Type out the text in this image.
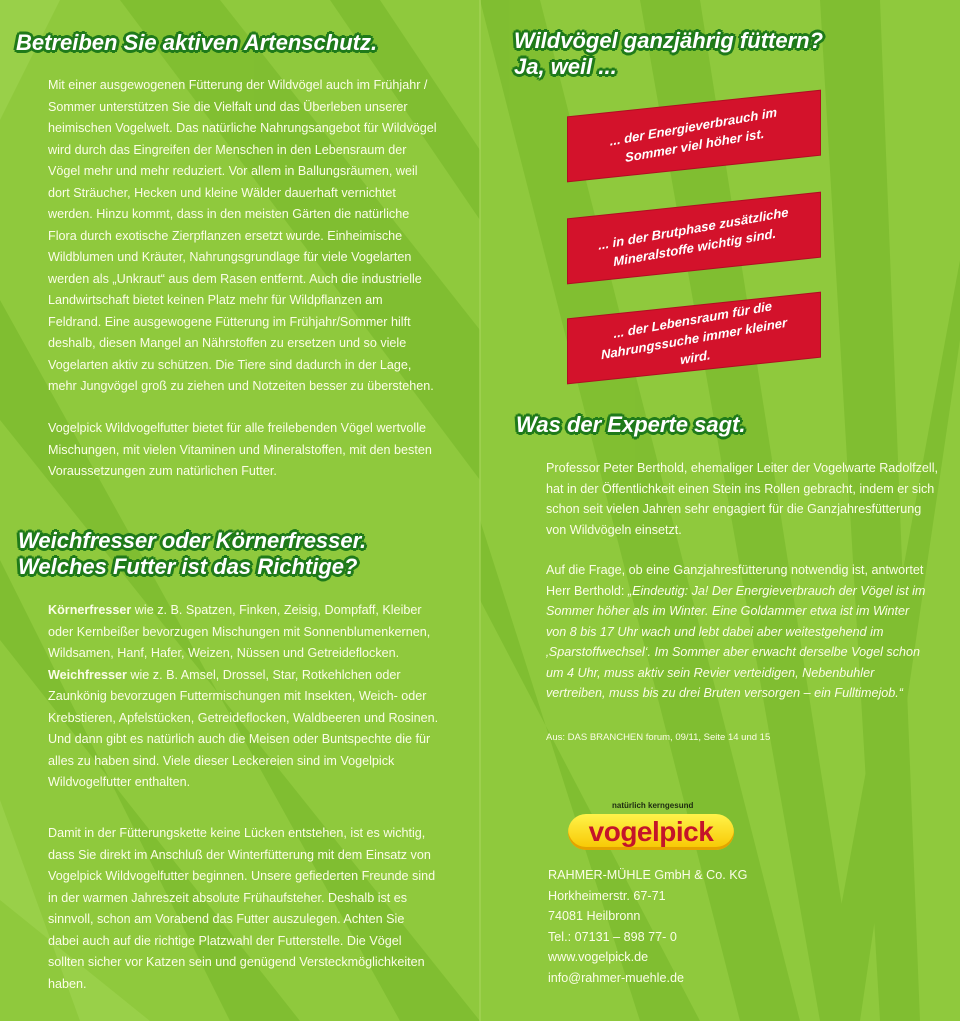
Betreiben Sie aktiven Artenschutz.

Mit einer ausgewogenen Fütterung der Wildvögel auch im Frühjahr / Sommer unterstützen Sie die Vielfalt und das Überleben unserer heimischen Vogelwelt. Das natürliche Nahrungsangebot für Wildvögel wird durch das Eingreifen der Menschen in den Lebensraum der Vögel mehr und mehr reduziert. Vor allem in Ballungsräumen, weil dort Sträucher, Hecken und kleine Wälder dauerhaft vernichtet werden. Hinzu kommt, dass in den meisten Gärten die natürliche Flora durch exotische Zierpflanzen ersetzt wurde. Einheimische Wildblumen und Kräuter, Nahrungsgrundlage für viele Vogelarten werden als „Unkraut“ aus dem Rasen entfernt. Auch die industrielle Landwirtschaft bietet keinen Platz mehr für Wildpflanzen am Feldrand. Eine ausgewogene Fütterung im Frühjahr/Sommer hilft deshalb, diesen Mangel an Nährstoffen zu ersetzen und so viele Vogelarten aktiv zu schützen. Die Tiere sind dadurch in der Lage, mehr Jungvögel groß zu ziehen und Notzeiten besser zu überstehen.

Vogelpick Wildvogelfutter bietet für alle freilebenden Vögel wertvolle Mischungen, mit vielen Vitaminen und Mineralstoffen, mit den besten Voraussetzungen zum natürlichen Futter.

Weichfresser oder Körnerfresser.
Welches Futter ist das Richtige?

Körnerfresser wie z. B. Spatzen, Finken, Zeisig, Dompfaff, Kleiber oder Kernbeißer bevorzugen Mischungen mit Sonnenblumenkernen, Wildsamen, Hanf, Hafer, Weizen, Nüssen und Getreideflocken.
Weichfresser wie z. B. Amsel, Drossel, Star, Rotkehlchen oder Zaunkönig bevorzugen Futtermischungen mit Insekten, Weich- oder Krebstieren, Apfelstücken, Getreideflocken, Waldbeeren und Rosinen. Und dann gibt es natürlich auch die Meisen oder Buntspechte die für alles zu haben sind. Viele dieser Leckereien sind im Vogelpick Wildvogelfutter enthalten.

Damit in der Fütterungskette keine Lücken entstehen, ist es wichtig, dass Sie direkt im Anschluß der Winterfütterung mit dem Einsatz von Vogelpick Wildvogelfutter beginnen. Unsere gefiederten Freunde sind in der warmen Jahreszeit absolute Frühaufsteher. Deshalb ist es sinnvoll, schon am Vorabend das Futter auszulegen. Achten Sie dabei auch auf die richtige Platzwahl der Futterstelle. Die Vögel sollten sicher vor Katzen sein und genügend Versteckmöglichkeiten haben.

Wildvögel ganzjährig füttern?
Ja, weil ...
... der Energieverbrauch im Sommer viel höher ist.
... in der Brutphase zusätzliche Mineralstoffe wichtig sind.
... der Lebensraum für die Nahrungssuche immer kleiner wird.
Was der Experte sagt.

Professor Peter Berthold, ehemaliger Leiter der Vogelwarte Radolfzell, hat in der Öffentlichkeit einen Stein ins Rollen gebracht, indem er sich schon seit vielen Jahren sehr engagiert für die Ganzjahresfütterung von Wildvögeln einsetzt.

Auf die Frage, ob eine Ganzjahresfütterung notwendig ist, antwortet Herr Berthold: „Eindeutig: Ja! Der Energieverbrauch der Vögel ist im Sommer höher als im Winter. Eine Goldammer etwa ist im Winter von 8 bis 17 Uhr wach und lebt dabei aber weitestgehend im ‚Sparstoffwechsel‘. Im Sommer aber erwacht derselbe Vogel schon um 4 Uhr, muss aktiv sein Revier verteidigen, Nebenbuhler vertreiben, muss bis zu drei Bruten versorgen – ein Fulltimejob.“

Aus: DAS BRANCHEN forum, 09/11, Seite 14 und 15

natürlich kerngesund
vogelpick
RAHMER-MÜHLE GmbH & Co. KG
Horkheimerstr. 67-71
74081 Heilbronn
Tel.: 07131 – 898 77- 0
www.vogelpick.de
info@rahmer-muehle.de
